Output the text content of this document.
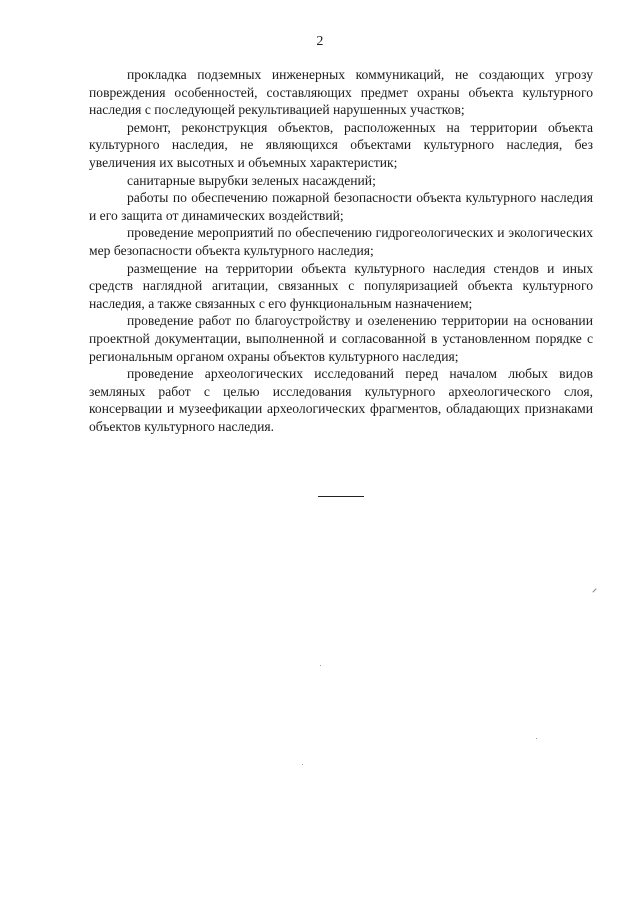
2

прокладка подземных инженерных коммуникаций, не создающих угрозу повреждения особенностей, составляющих предмет охраны объекта культурного наследия с последующей рекультивацией нарушенных участков;

ремонт, реконструкция объектов, расположенных на территории объекта культурного наследия, не являющихся объектами культурного наследия, без увеличения их высотных и объемных характеристик;

санитарные вырубки зеленых насаждений;

работы по обеспечению пожарной безопасности объекта культурного наследия и его защита от динамических воздействий;

проведение мероприятий по обеспечению гидрогеологических и экологических мер безопасности объекта культурного наследия;

размещение на территории объекта культурного наследия стендов и иных средств наглядной агитации, связанных с популяризацией объекта культурного наследия, а также связанных с его функциональным назначением;

проведение работ по благоустройству и озеленению территории на основании проектной документации, выполненной и согласованной в установленном порядке с региональным органом охраны объектов культурного наследия;

проведение археологических исследований перед началом любых видов земляных работ с целью исследования культурного археологического слоя, консервации и музеефикации археологических фрагментов, обладающих признаками объектов культурного наследия.
